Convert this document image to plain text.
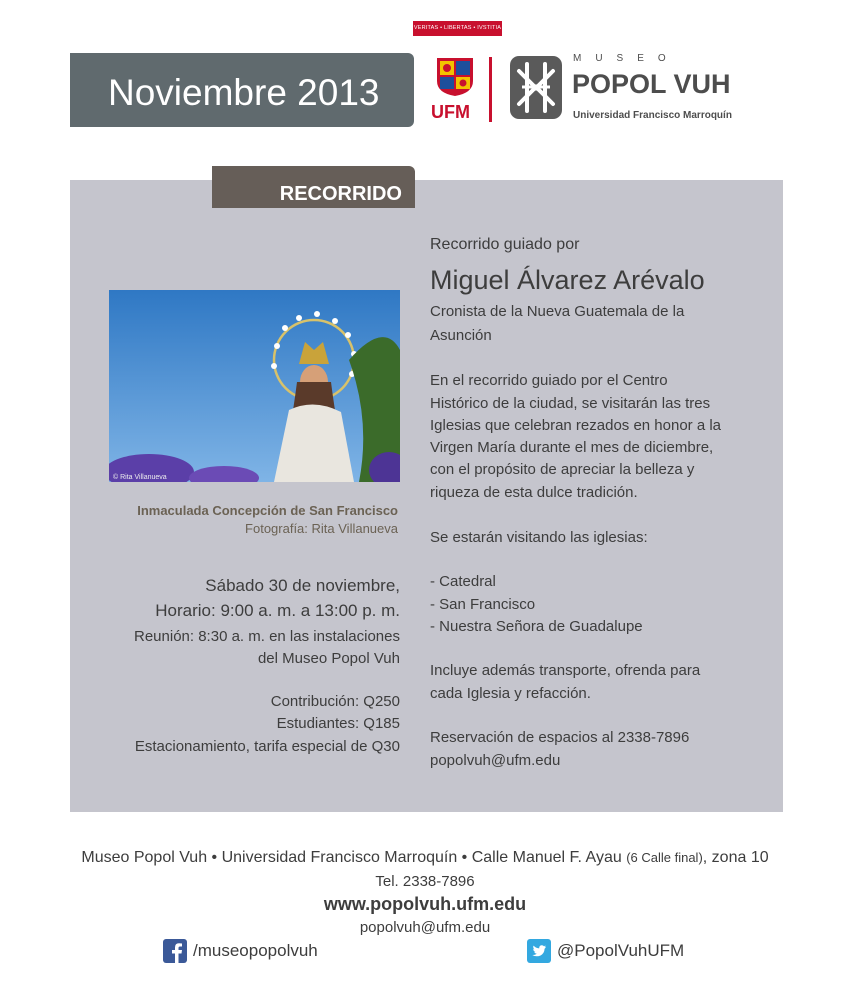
Noviembre 2013
VERITAS • LIBERTAS • IVSTITIA
UFM
MUSEO
POPOL VUH
Universidad Francisco Marroquín
RECORRIDO
© Rita Villanueva
Inmaculada Concepción de San Francisco
Fotografía: Rita Villanueva
Sábado 30 de noviembre,
Horario: 9:00 a. m. a 13:00 p. m.
Reunión: 8:30 a. m. en las instalaciones
del Museo Popol Vuh
Contribución: Q250
Estudiantes: Q185
Estacionamiento, tarifa especial de Q30
Recorrido guiado por
Miguel Álvarez Arévalo
Cronista de la Nueva Guatemala de la
Asunción
En el recorrido guiado por el Centro
Histórico de la ciudad, se visitarán las tres
Iglesias que celebran rezados en honor a la
Virgen María durante el mes de diciembre,
con el propósito de apreciar la belleza y
riqueza de esta dulce tradición.
Se estarán visitando las iglesias:
- Catedral
- San Francisco
- Nuestra Señora de Guadalupe
Incluye además transporte, ofrenda para
cada Iglesia y refacción.
Reservación de espacios al 2338-7896
popolvuh@ufm.edu
Museo Popol Vuh • Universidad Francisco Marroquín • Calle Manuel F. Ayau (6 Calle final), zona 10
Tel. 2338-7896
www.popolvuh.ufm.edu
popolvuh@ufm.edu
/museopopolvuh	@PopolVuhUFM
